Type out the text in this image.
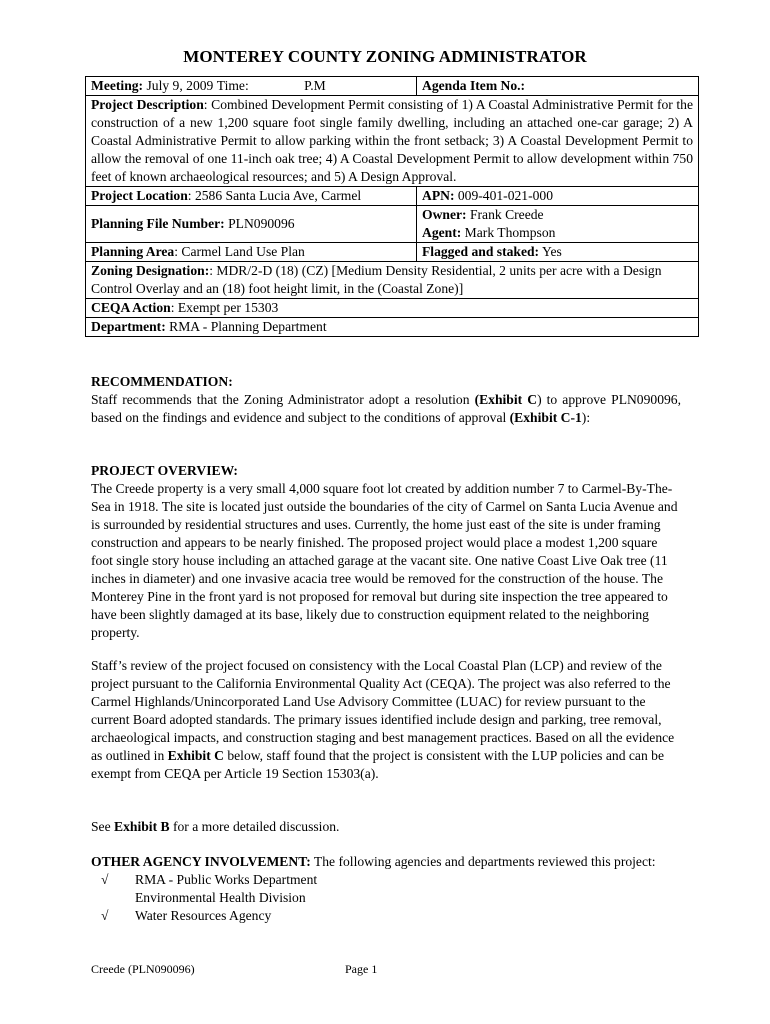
MONTEREY COUNTY ZONING ADMINISTRATOR
Meeting: July 9, 2009 Time: P.M	Agenda Item No.:
Project Description: Combined Development Permit consisting of 1) A Coastal Administrative Permit for the construction of a new 1,200 square foot single family dwelling, including an attached one-car garage; 2) A Coastal Administrative Permit to allow parking within the front setback; 3) A Coastal Development Permit to allow the removal of one 11-inch oak tree; 4) A Coastal Development Permit to allow development within 750 feet of known archaeological resources; and 5) A Design Approval.	
Project Location: 2586 Santa Lucia Ave, Carmel	APN: 009-401-021-000
Planning File Number: PLN090096	Owner: Frank Creede
Agent: Mark Thompson

Planning Area: Carmel Land Use Plan	Flagged and staked: Yes
Zoning Designation:: MDR/2-D (18) (CZ) [Medium Density Residential, 2 units per acre with a Design Control Overlay and an (18) foot height limit, in the (Coastal Zone)]	
CEQA Action: Exempt per 15303	
Department: RMA - Planning Department	
RECOMMENDATION:
Staff recommends that the Zoning Administrator adopt a resolution (Exhibit C) to approve PLN090096, based on the findings and evidence and subject to the conditions of approval (Exhibit C-1):
PROJECT OVERVIEW:
The Creede property is a very small 4,000 square foot lot created by addition number 7 to Carmel-By-The-Sea in 1918. The site is located just outside the boundaries of the city of Carmel on Santa Lucia Avenue and is surrounded by residential structures and uses. Currently, the home just east of the site is under framing construction and appears to be nearly finished. The proposed project would place a modest 1,200 square foot single story house including an attached garage at the vacant site. One native Coast Live Oak tree (11 inches in diameter) and one invasive acacia tree would be removed for the construction of the house. The Monterey Pine in the front yard is not proposed for removal but during site inspection the tree appeared to have been slightly damaged at its base, likely due to construction equipment related to the neighboring property.
Staff’s review of the project focused on consistency with the Local Coastal Plan (LCP) and review of the project pursuant to the California Environmental Quality Act (CEQA). The project was also referred to the Carmel Highlands/Unincorporated Land Use Advisory Committee (LUAC) for review pursuant to the current Board adopted standards. The primary issues identified include design and parking, tree removal, archaeological impacts, and construction staging and best management practices. Based on all the evidence as outlined in Exhibit C below, staff found that the project is consistent with the LUP policies and can be exempt from CEQA per Article 19 Section 15303(a).
See Exhibit B for a more detailed discussion.
OTHER AGENCY INVOLVEMENT: The following agencies and departments reviewed this project:
√ RMA - Public Works Department
Environmental Health Division
√ Water Resources Agency
Creede (PLN090096)	Page 1
